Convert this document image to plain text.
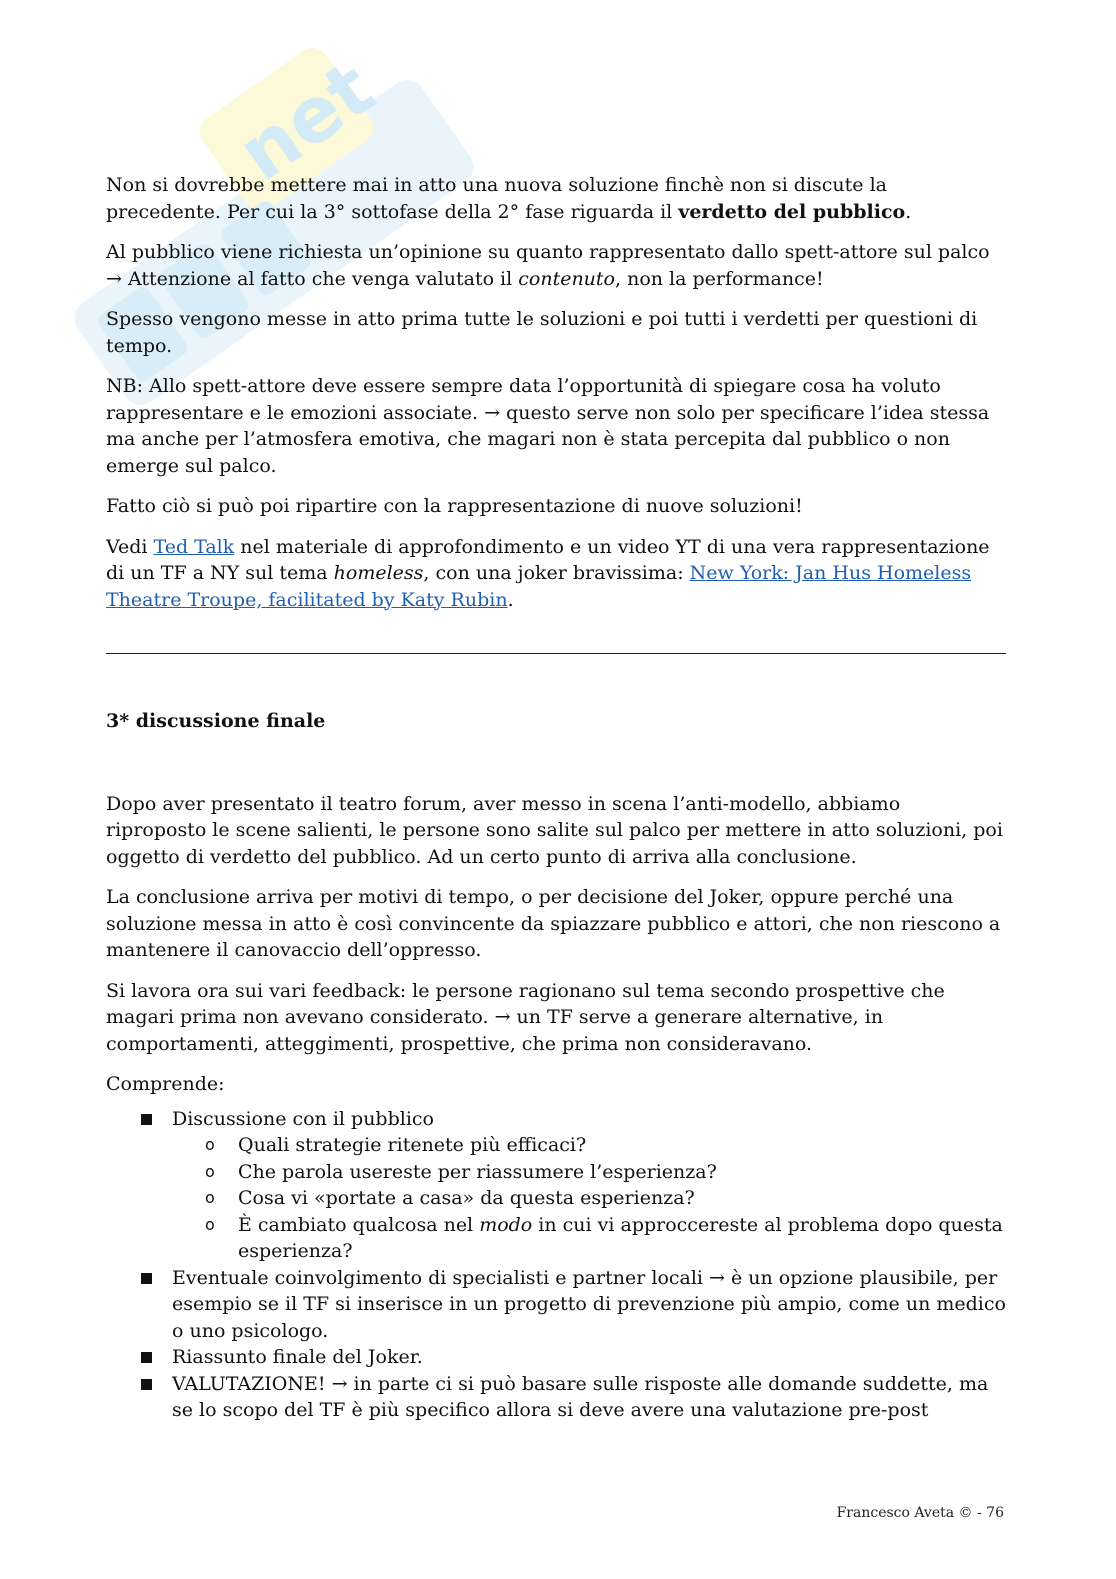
net

Non si dovrebbe mettere mai in atto una nuova soluzione finchè non si discute la precedente. Per cui la 3° sottofase della 2° fase riguarda il verdetto del pubblico.

Al pubblico viene richiesta un’opinione su quanto rappresentato dallo spett-attore sul palco → Attenzione al fatto che venga valutato il contenuto, non la performance!

Spesso vengono messe in atto prima tutte le soluzioni e poi tutti i verdetti per questioni di tempo.

NB: Allo spett-attore deve essere sempre data l’opportunità di spiegare cosa ha voluto rappresentare e le emozioni associate. → questo serve non solo per specificare l’idea stessa ma anche per l’atmosfera emotiva, che magari non è stata percepita dal pubblico o non emerge sul palco.

Fatto ciò si può poi ripartire con la rappresentazione di nuove soluzioni!

Vedi Ted Talk nel materiale di approfondimento e un video YT di una vera rappresentazione di un TF a NY sul tema homeless, con una joker bravissima: New York: Jan Hus Homeless Theatre Troupe, facilitated by Katy Rubin.

3* discussione finale

Dopo aver presentato il teatro forum, aver messo in scena l’anti-modello, abbiamo riproposto le scene salienti, le persone sono salite sul palco per mettere in atto soluzioni, poi oggetto di verdetto del pubblico. Ad un certo punto di arriva alla conclusione.

La conclusione arriva per motivi di tempo, o per decisione del Joker, oppure perché una soluzione messa in atto è così convincente da spiazzare pubblico e attori, che non riescono a mantenere il canovaccio dell’oppresso.

Si lavora ora sui vari feedback: le persone ragionano sul tema secondo prospettive che magari prima non avevano considerato. → un TF serve a generare alternative, in comportamenti, atteggimenti, prospettive, che prima non consideravano.

Comprende:

Discussione con il pubblico
o Quali strategie ritenete più efficaci?
o Che parola usereste per riassumere l’esperienza?
o Cosa vi «portate a casa» da questa esperienza?
o È cambiato qualcosa nel modo in cui vi approccereste al problema dopo questa esperienza?
Eventuale coinvolgimento di specialisti e partner locali → è un opzione plausibile, per esempio se il TF si inserisce in un progetto di prevenzione più ampio, come un medico o uno psicologo.
Riassunto finale del Joker.
VALUTAZIONE! → in parte ci si può basare sulle risposte alle domande suddette, ma se lo scopo del TF è più specifico allora si deve avere una valutazione pre-post
Francesco Aveta © - 76
